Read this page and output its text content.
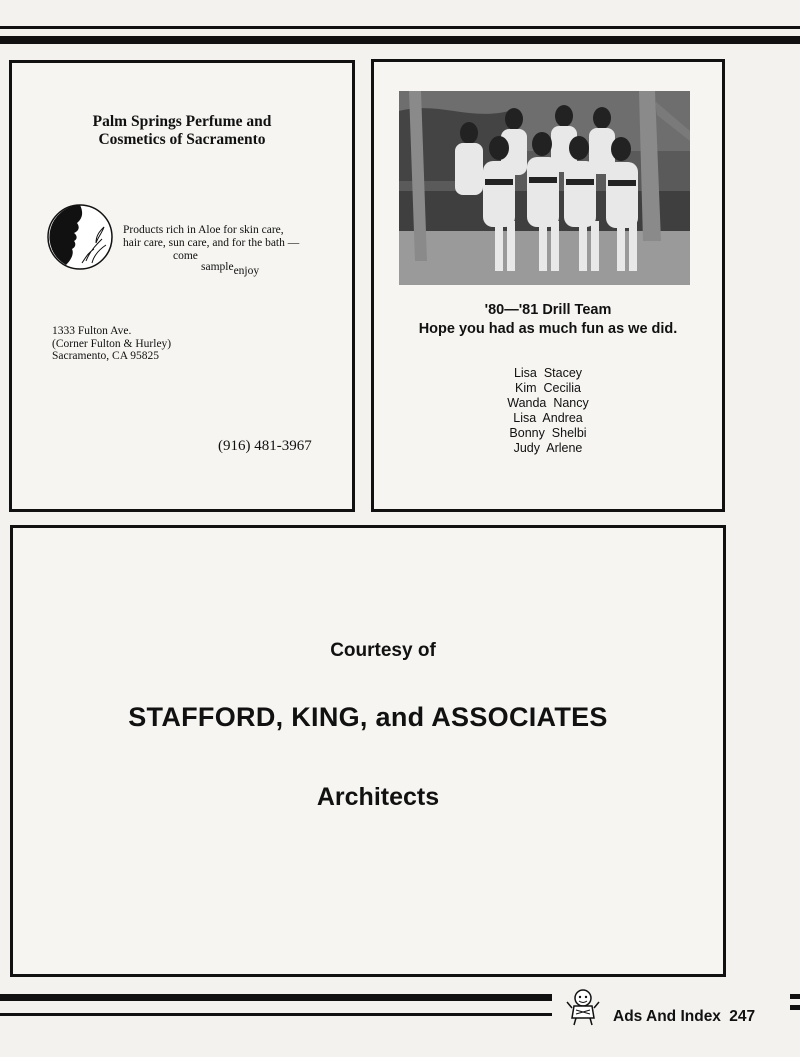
Palm Springs Perfume and
Cosmetics of Sacramento
Products rich in Aloe for skin care,
hair care, sun care, and for the bath —
come
sampleenjoy
1333 Fulton Ave.
(Corner Fulton & Hurley)
Sacramento, CA 95825
(916) 481-3967
'80—'81 Drill Team
Hope you had as much fun as we did.
Lisa  Stacey
Kim  Cecilia
Wanda  Nancy
Lisa  Andrea
Bonny  Shelbi
Judy  Arlene
Courtesy of
STAFFORD, KING, and ASSOCIATES
Architects
Ads And Index 247
